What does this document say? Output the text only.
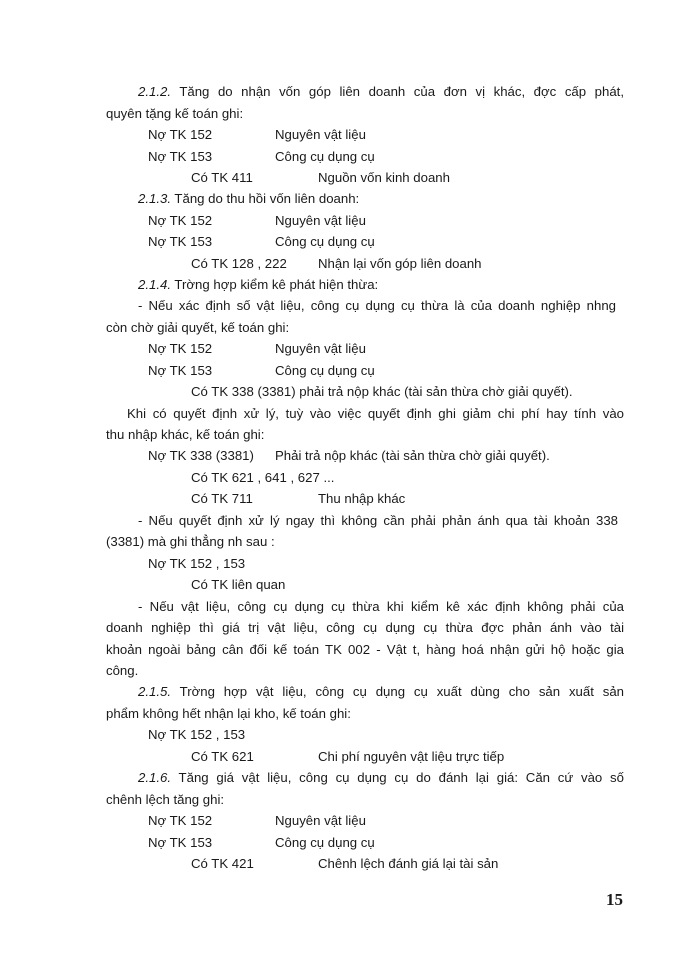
2.1.2. Tăng do nhận vốn góp liên doanh của đơn vị khác, đợc cấp phát,
quyên tặng kế toán ghi:
Nợ TK 152	Nguyên vật liệu
Nợ TK 153	Công cụ dụng cụ
Có TK 411	Nguồn vốn kinh doanh
2.1.3. Tăng do thu hồi vốn liên doanh:
Nợ TK 152	Nguyên vật liệu
Nợ TK 153	Công cụ dụng cụ
Có TK 128 , 222 Nhận lại vốn góp liên doanh
2.1.4. Trờng hợp kiểm kê phát hiện thừa:
- Nếu xác định số vật liệu, công cụ dụng cụ thừa là của doanh nghiệp nhng
còn chờ giải quyết, kế toán ghi:
Nợ TK 152	Nguyên vật liệu
Nợ TK 153	Công cụ dụng cụ
Có TK 338 (3381) phải trả nộp khác (tài sản thừa chờ giải quyết).
Khi có quyết định xử lý, tuỳ vào việc quyết định ghi giảm chi phí hay tính vào
thu nhập khác, kế toán ghi:
Nợ TK 338 (3381) Phải trả nộp khác (tài sản thừa chờ giải quyết).
Có TK 621 , 641 , 627 ...
Có TK 711	Thu nhập khác
- Nếu quyết định xử lý ngay thì không cần phải phản ánh qua tài khoản 338
(3381) mà ghi thẳng nh sau :
Nợ TK 152 , 153
Có TK liên quan
- Nếu vật liệu, công cụ dụng cụ thừa khi kiểm kê xác định không phải của
doanh nghiệp thì giá trị vật liệu, công cụ dụng cụ thừa đợc phản ánh vào tài
khoản ngoài bảng cân đối kế toán TK 002 - Vật t, hàng hoá nhận gửi hộ hoặc gia
công.
2.1.5. Trờng hợp vật liệu, công cụ dụng cụ xuất dùng cho sản xuất sản
phẩm không hết nhận lại kho, kế toán ghi:
Nợ TK 152 , 153
Có TK 621	Chi phí nguyên vật liệu trực tiếp
2.1.6. Tăng giá vật liệu, công cụ dụng cụ do đánh lại giá: Căn cứ vào số
chênh lệch tăng ghi:
Nợ TK 152	Nguyên vật liệu
Nợ TK 153	Công cụ dụng cụ
Có TK 421	Chênh lệch đánh giá lại tài sản
15
